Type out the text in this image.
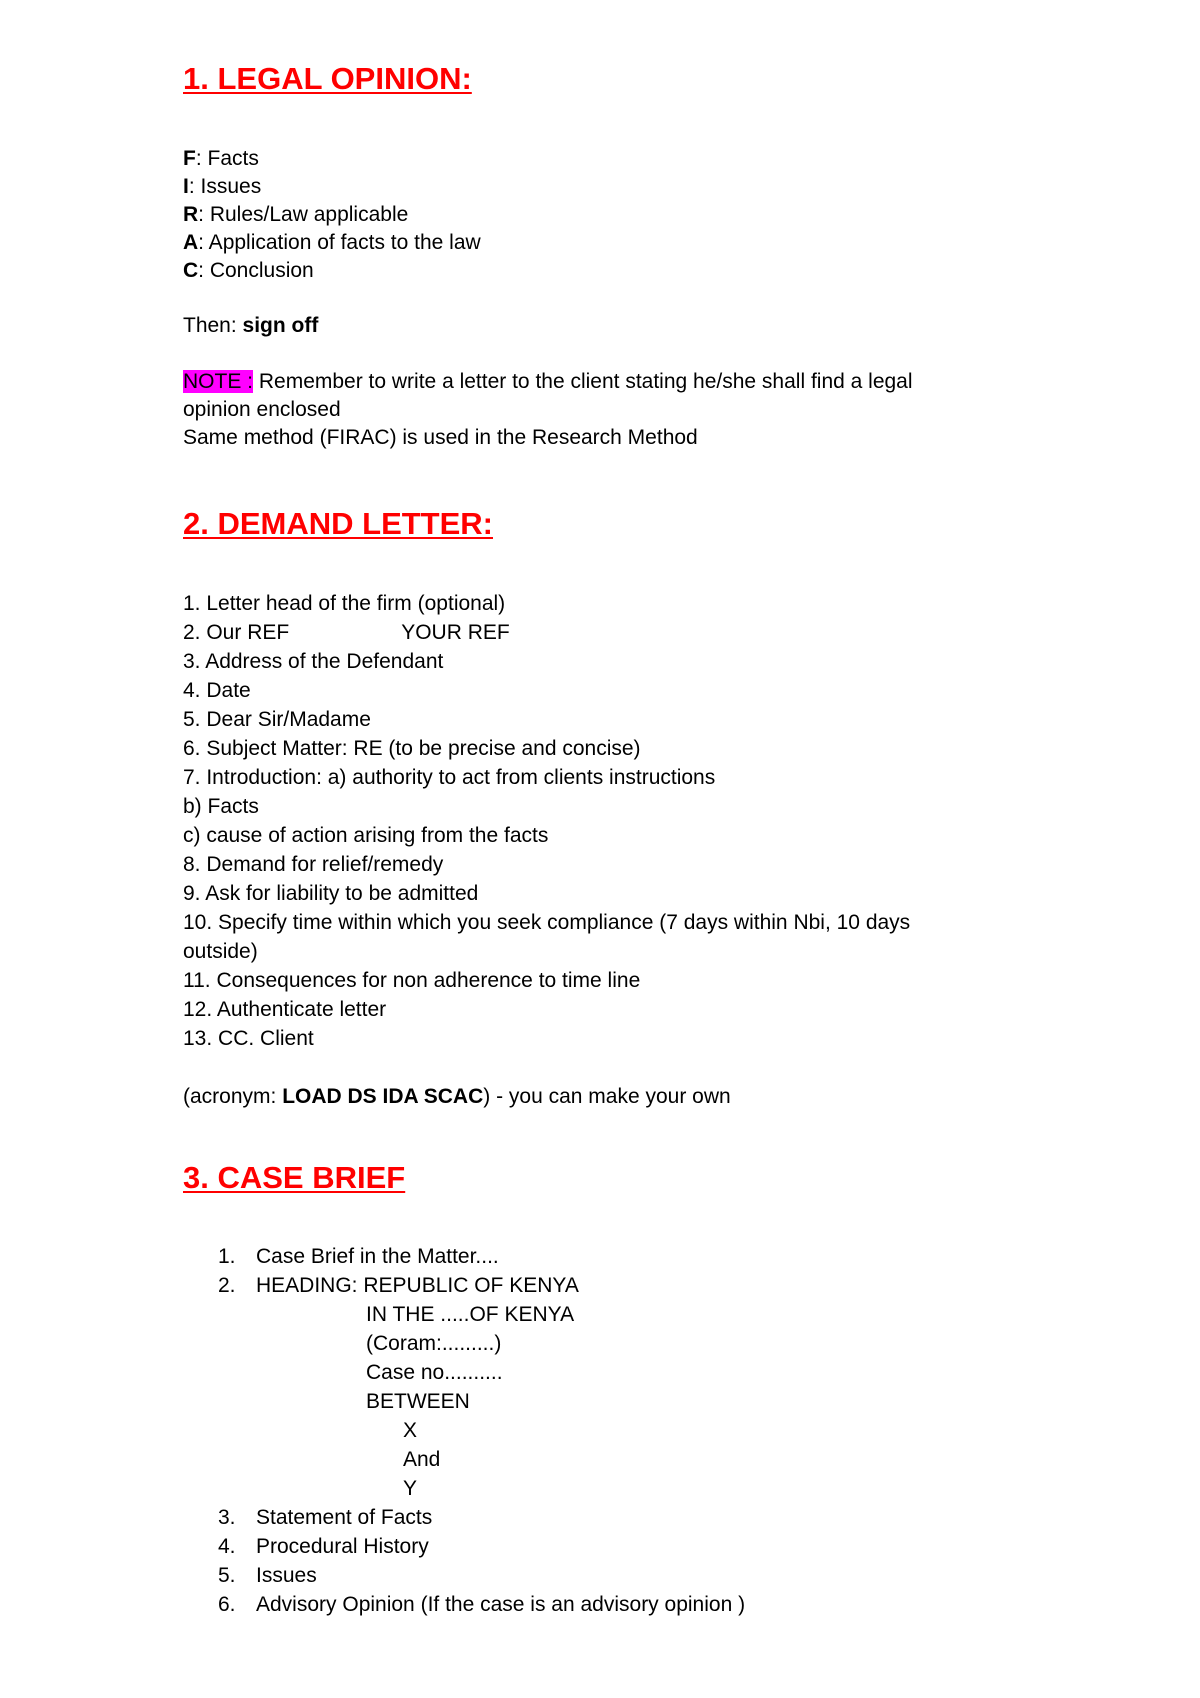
1. LEGAL OPINION:
F: Facts
I: Issues
R: Rules/Law applicable
A: Application of facts to the law
C: Conclusion
Then: sign off
NOTE : Remember to write a letter to the client stating he/she shall find a legal
opinion enclosed
Same method (FIRAC) is used in the Research Method
2. DEMAND LETTER:
1. Letter head of the firm (optional)
2. Our REF	YOUR REF
3. Address of the Defendant
4. Date
5. Dear Sir/Madame
6. Subject Matter: RE (to be precise and concise)
7. Introduction: a) authority to act from clients instructions
b) Facts
c) cause of action arising from the facts
8. Demand for relief/remedy
9. Ask for liability to be admitted
10. Specify time within which you seek compliance (7 days within Nbi, 10 days
outside)
11. Consequences for non adherence to time line
12. Authenticate letter
13. CC. Client
(acronym: LOAD DS IDA SCAC) - you can make your own
3. CASE BRIEF
1. Case Brief in the Matter....
2. HEADING: REPUBLIC OF KENYA
IN THE .....OF KENYA
(Coram:.........)
Case no..........
BETWEEN
X
And
Y
3. Statement of Facts
4. Procedural History
5. Issues
6. Advisory Opinion (If the case is an advisory opinion )
